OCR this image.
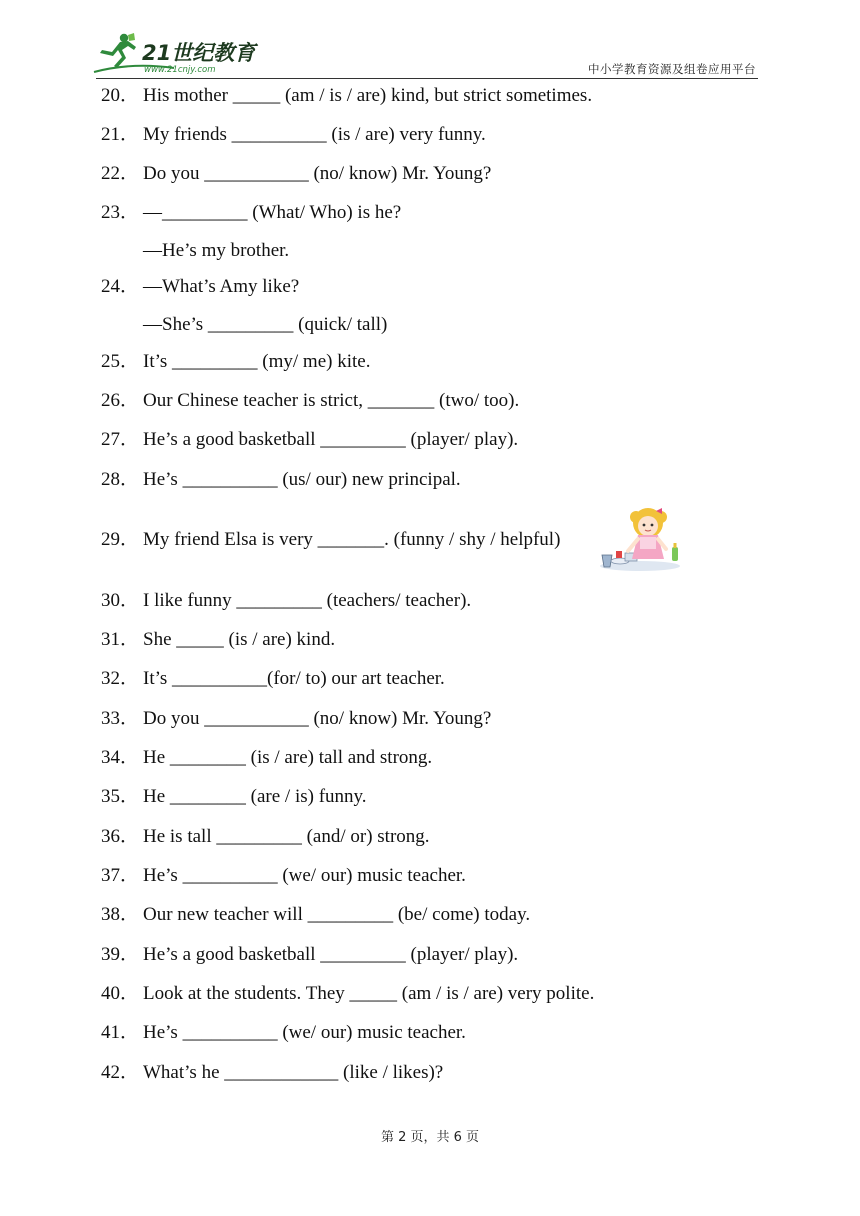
21世纪教育
www.21cnjy.com	中小学教育资源及组卷应用平台
20． His mother _____ (am / is / are) kind, but strict sometimes.
21． My friends __________ (is / are) very funny.
22． Do you ___________ (no/ know) Mr. Young?
23． —_________ (What/ Who) is he?
—He’s my brother.
24． —What’s Amy like?
—She’s _________ (quick/ tall)
25． It’s _________ (my/ me) kite.
26． Our Chinese teacher is strict, _______ (two/ too).
27． He’s a good basketball _________ (player/ play).
28． He’s __________ (us/ our) new principal.
29． My friend Elsa is very _______. (funny / shy / helpful)
30． I like funny _________ (teachers/ teacher).
31． She _____ (is / are) kind.
32． It’s __________(for/ to) our art teacher.
33． Do you ___________ (no/ know) Mr. Young?
34． He ________ (is / are) tall and strong.
35． He ________ (are / is) funny.
36． He is tall _________ (and/ or) strong.
37． He’s __________ (we/ our) music teacher.
38． Our new teacher will _________ (be/ come) today.
39． He’s a good basketball _________ (player/ play).
40． Look at the students. They _____ (am / is / are) very polite.
41． He’s __________ (we/ our) music teacher.
42． What’s he ____________ (like / likes)?
第 2 页，共 6 页
